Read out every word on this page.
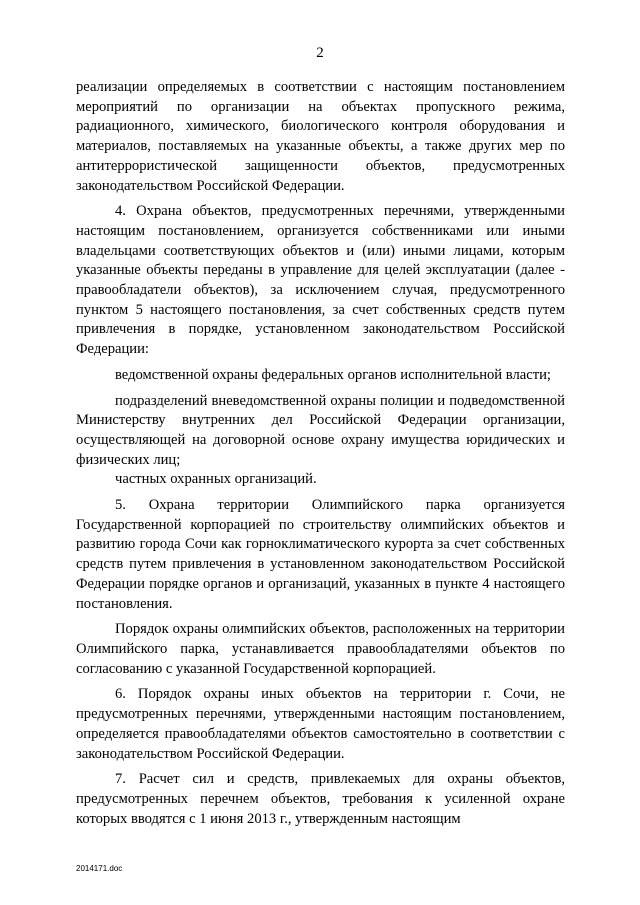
2

реализации определяемых в соответствии с настоящим постановлением мероприятий по организации на объектах пропускного режима, радиационного, химического, биологического контроля оборудования и материалов, поставляемых на указанные объекты, а также других мер по антитеррористической защищенности объектов, предусмотренных законодательством Российской Федерации.

4. Охрана объектов, предусмотренных перечнями, утвержденными настоящим постановлением, организуется собственниками или иными владельцами соответствующих объектов и (или) иными лицами, которым указанные объекты переданы в управление для целей эксплуатации (далее - правообладатели объектов), за исключением случая, предусмотренного пунктом 5 настоящего постановления, за счет собственных средств путем привлечения в порядке, установленном законодательством Российской Федерации:

ведомственной охраны федеральных органов исполнительной власти;

подразделений вневедомственной охраны полиции и подведомственной Министерству внутренних дел Российской Федерации организации, осуществляющей на договорной основе охрану имущества юридических и физических лиц;

частных охранных организаций.

5. Охрана территории Олимпийского парка организуется Государственной корпорацией по строительству олимпийских объектов и развитию города Сочи как горноклиматического курорта за счет собственных средств путем привлечения в установленном законодательством Российской Федерации порядке органов и организаций, указанных в пункте 4 настоящего постановления.

Порядок охраны олимпийских объектов, расположенных на территории Олимпийского парка, устанавливается правообладателями объектов по согласованию с указанной Государственной корпорацией.

6. Порядок охраны иных объектов на территории г. Сочи, не предусмотренных перечнями, утвержденными настоящим постановлением, определяется правообладателями объектов самостоятельно в соответствии с законодательством Российской Федерации.

7. Расчет сил и средств, привлекаемых для охраны объектов, предусмотренных перечнем объектов, требования к усиленной охране которых вводятся с 1 июня 2013 г., утвержденным настоящим

2014171.doc
